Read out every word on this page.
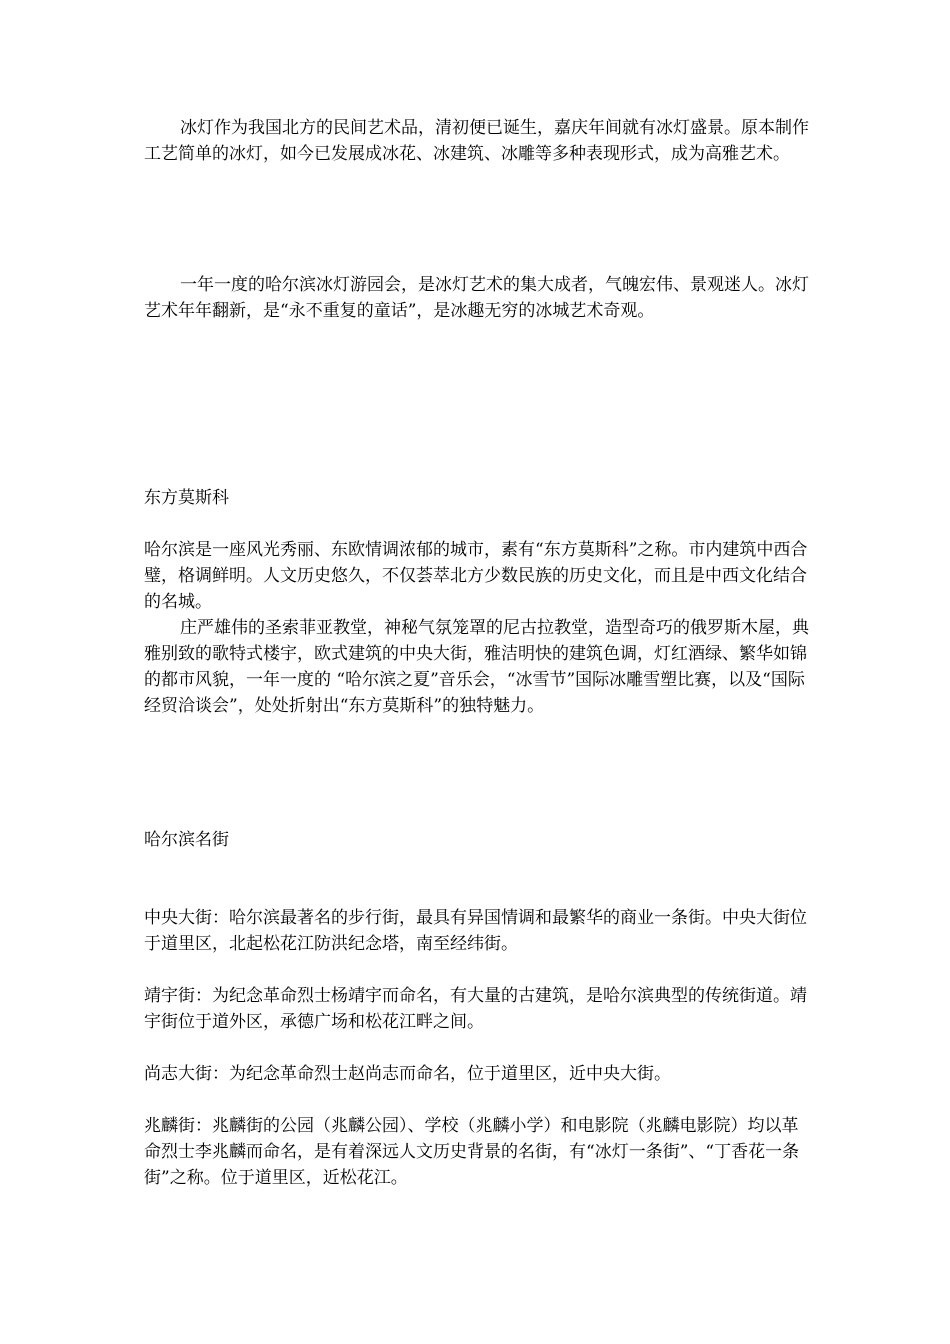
冰灯作为我国北方的民间艺术品，清初便已诞生，嘉庆年间就有冰灯盛景。原本制作工艺简单的冰灯，如今已发展成冰花、冰建筑、冰雕等多种表现形式，成为高雅艺术。

一年一度的哈尔滨冰灯游园会，是冰灯艺术的集大成者，气魄宏伟、景观迷人。冰灯艺术年年翻新，是“永不重复的童话”，是冰趣无穷的冰城艺术奇观。

东方莫斯科

哈尔滨是一座风光秀丽、东欧情调浓郁的城市，素有“东方莫斯科”之称。市内建筑中西合璧，格调鲜明。人文历史悠久，不仅荟萃北方少数民族的历史文化，而且是中西文化结合的名城。

庄严雄伟的圣索菲亚教堂，神秘气氛笼罩的尼古拉教堂，造型奇巧的俄罗斯木屋，典雅别致的歌特式楼宇，欧式建筑的中央大街，雅洁明快的建筑色调，灯红酒绿、繁华如锦的都市风貌，一年一度的 “哈尔滨之夏”音乐会，“冰雪节”国际冰雕雪塑比赛，以及“国际经贸洽谈会”，处处折射出“东方莫斯科”的独特魅力。

哈尔滨名街

中央大街：哈尔滨最著名的步行街，最具有异国情调和最繁华的商业一条街。中央大街位于道里区，北起松花江防洪纪念塔，南至经纬街。

靖宇街：为纪念革命烈士杨靖宇而命名，有大量的古建筑，是哈尔滨典型的传统街道。靖宇街位于道外区，承德广场和松花江畔之间。

尚志大街：为纪念革命烈士赵尚志而命名，位于道里区，近中央大街。

兆麟街：兆麟街的公园（兆麟公园）、学校（兆麟小学）和电影院（兆麟电影院）均以革命烈士李兆麟而命名，是有着深远人文历史背景的名街，有“冰灯一条街”、“丁香花一条街”之称。位于道里区，近松花江。
